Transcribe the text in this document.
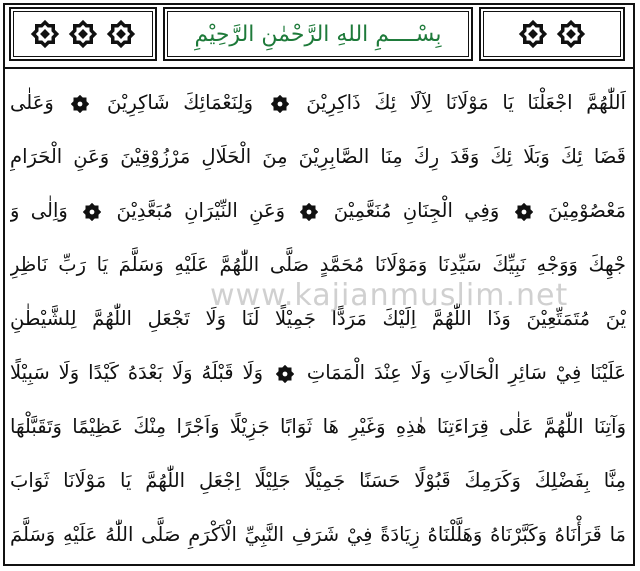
بِسْــــمِ اللهِ الرَّحْمٰنِ الرَّحِيْمِ
اَللّٰهُمَّ اجْعَلْنَا يَا مَوْلَانَا لِآلَا ئِكَ ذَاكِرِيْنَ  وَلِنَعْمَائِكَ شَاكِرِيْنَ  وَعَلٰى
قَضَا ئِكَ وَبَلَا ئِكَ وَقَدَ رِكَ مِنَا الصَّابِرِيْنَ مِنَ الْحَلَالِ مَرْزُوْقِيْنَ وَعَنِ الْحَرَامِ
مَعْصُوْمِيْنَ  وَفِي الْجِنَانِ مُنَعَّمِيْنَ  وَعَنِ النِّيْرَانِ مُبَعَّدِيْنَ  وَاِلٰى وَ
جْهِكَ وَوَجْهِ نَبِيِّكَ سَيِّدِنَا وَمَوْلَانَا مُحَمَّدٍ صَلَّى اللّٰهُمَّ عَلَيْهِ وَسَلَّمَ يَا رَبِّ نَاظِرِ
يْنَ مُتَمَتِّعِيْنَ وَذَا اللّٰهُمَّ اِلَيْكَ مَرَدًّا جَمِيْلًا لَنَا وَلَا تَجْعَلِ اللّٰهُمَّ لِلشَّيْطٰنِ
عَلَيْنَا فِيْ سَائِرِ الْحَالَاتِ وَلَا عِنْدَ الْمَمَاتِ  وَلَا قَبْلَهُ وَلَا بَعْدَهُ كَيْدًا وَلَا سَبِيْلًا
وَآتِنَا اللّٰهُمَّ عَلٰى قِرَاءَتِنَا هٰذِهِ وَغَيْرِ هَا ثَوَابًا جَزِيْلًا وَاَجْرًا مِنْكَ عَظِيْمًا وَتَقَبَّلْهَا
مِنَّا بِفَضْلِكَ وَكَرَمِكَ قَبُوْلًا حَسَنًا جَمِيْلًا جَلِيْلًا اِجْعَلِ اللّٰهُمَّ يَا مَوْلَانَا ثَوَابَ
مَا قَرَأْنَاهُ وَكَبَّرْنَاهُ وَهَلَّلْنَاهُ زِيَادَةً فِيْ شَرَفِ النَّبِيِّ الْاَكْرَمِ صَلَّى اللّٰهُ عَلَيْهِ وَسَلَّمَ
www.kajianmuslim.net
